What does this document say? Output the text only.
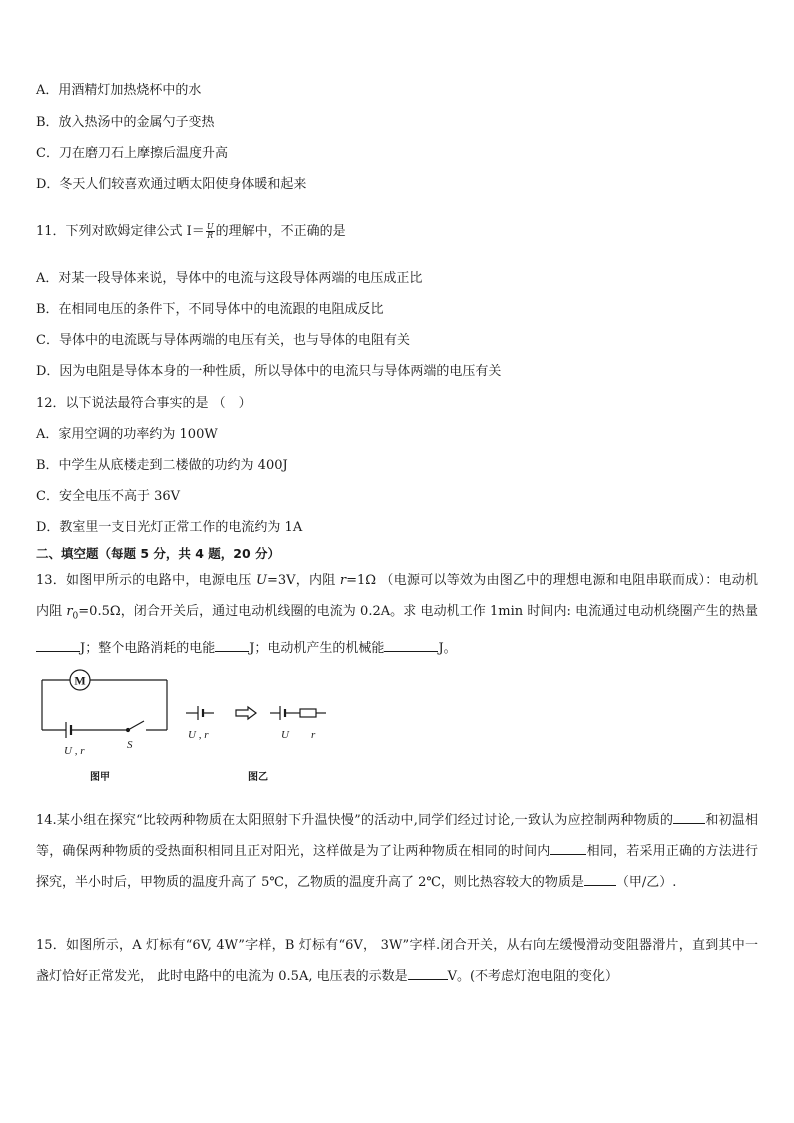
A．用酒精灯加热烧杯中的水
B．放入热汤中的金属勺子变热
C．刀在磨刀石上摩擦后温度升高
D．冬天人们较喜欢通过晒太阳使身体暖和起来
11．下列对欧姆定律公式 $I= \frac{U}{R}$ 的理解中，不正确的是
A．对某一段导体来说，导体中的电流与这段导体两端的电压成正比
B．在相同电压的条件下，不同导体中的电流跟的电阻成反比
C．导体中的电流既与导体两端的电压有关，也与导体的电阻有关
D．因为电阻是导体本身的一种性质，所以导体中的电流只与导体两端的电压有关
12．以下说法最符合事实的是 （　）
A．家用空调的功率约为 100W
B．中学生从底楼走到二楼做的功约为 400J
C．安全电压不高于 36V
D．教室里一支日光灯正常工作的电流约为 1A
二、填空题（每题 5 分，共 4 题，20 分）
13．如图甲所示的电路中，电源电压 U=3V，内阻 r=1Ω （电源可以等效为由图乙中的理想电源和电阻串联而成）：电动机内阻 $r_0=0.5\Omega$，闭合开关后，通过电动机线圈的电流为 0.2A。求 电动机工作 1min 时间内: 电流通过电动机绕圈产生的热量J；整个电路消耗的电能	J；电动机产生的机械能	J。
M
U , r	S
图甲
U , r	U r
图乙
14.某小组在探究“比较两种物质在太阳照射下升温快慢”的活动中,同学们经过讨论,一致认为应控制两种物质的 和初温相等，确保两种物质的受热面积相同且正对阳光，这样做是为了让两种物质在相同的时间内	相同，若采用正确的方法进行探究，半小时后，甲物质的温度升高了 5℃，乙物质的温度升高了 2℃，则比热容较大的物质是 （甲/乙）.
15．如图所示，A 灯标有“6V, 4W”字样，B 灯标有“6V， 3W”字样.闭合开关，从右向左缓慢滑动变阻器滑片，直到其中一盏灯恰好正常发光， 此时电路中的电流为 0.5A, 电压表的示数是	V。(不考虑灯泡电阻的变化）
